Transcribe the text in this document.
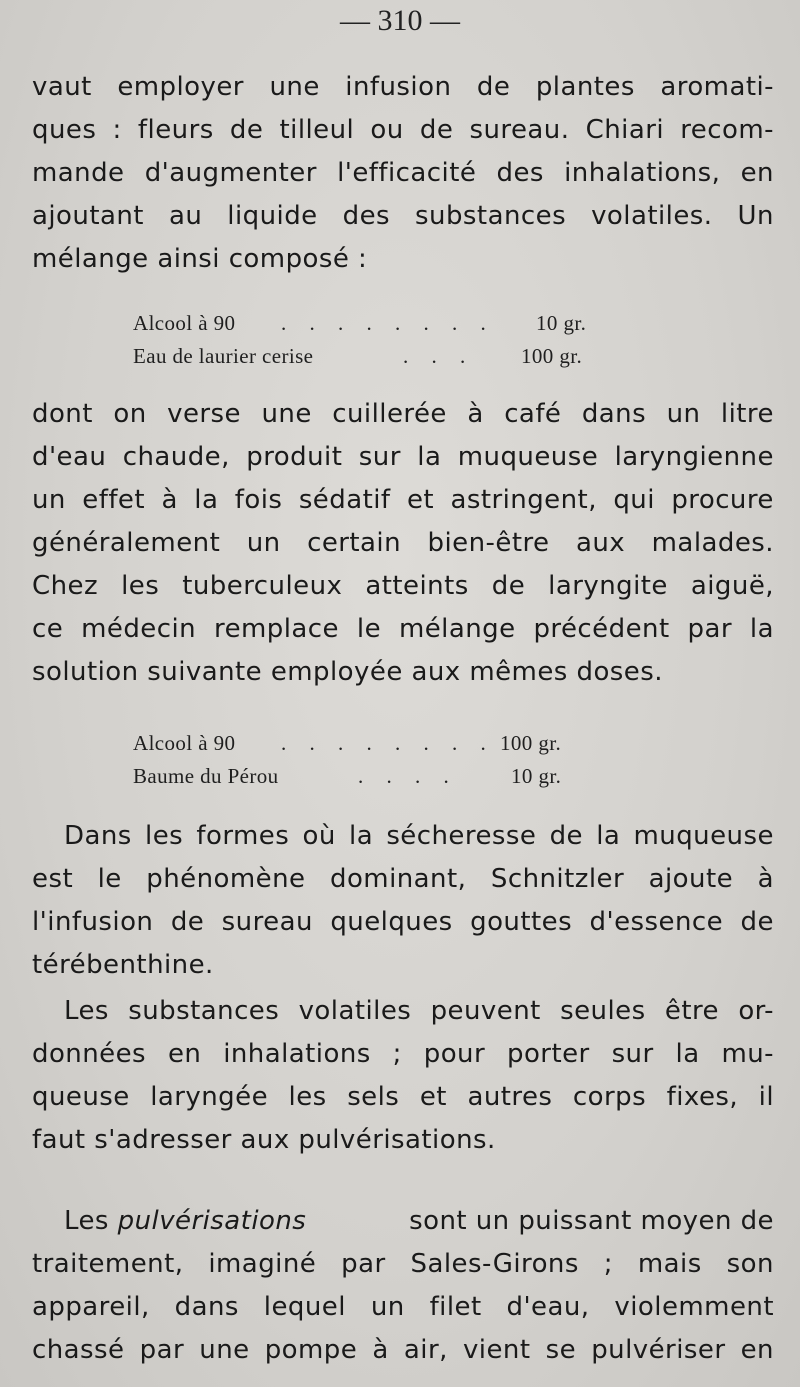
— 310 —
vaut employer une infusion de plantes aromati-
ques : fleurs de tilleul ou de sureau. Chiari recom-
mande d'augmenter l'efficacité des inhalations, en
ajoutant au liquide des substances volatiles. Un
mélange ainsi composé :
Alcool à 90 . . . . . . . . 10 gr.
Eau de laurier cerise	. . . 100 gr.
dont on verse une cuillerée à café dans un litre
d'eau chaude, produit sur la muqueuse laryngienne
un effet à la fois sédatif et astringent, qui procure
généralement un certain bien-être aux malades.
Chez les tuberculeux atteints de laryngite aiguë,
ce médecin remplace le mélange précédent par la
solution suivante employée aux mêmes doses.
Alcool à 90 . . . . . . . . 100 gr.
Baume du Pérou	. . . .	10 gr.
Dans les formes où la sécheresse de la muqueuse
est le phénomène dominant, Schnitzler ajoute à
l'infusion de sureau quelques gouttes d'essence de
térébenthine.
Les substances volatiles peuvent seules être or-
données en inhalations ; pour porter sur la mu-
queuse laryngée les sels et autres corps fixes, il
faut s'adresser aux pulvérisations.
Les pulvérisations	sont un puissant moyen de
traitement, imaginé par Sales-Girons ; mais son
appareil, dans lequel un filet d'eau, violemment
chassé par une pompe à air, vient se pulvériser en
